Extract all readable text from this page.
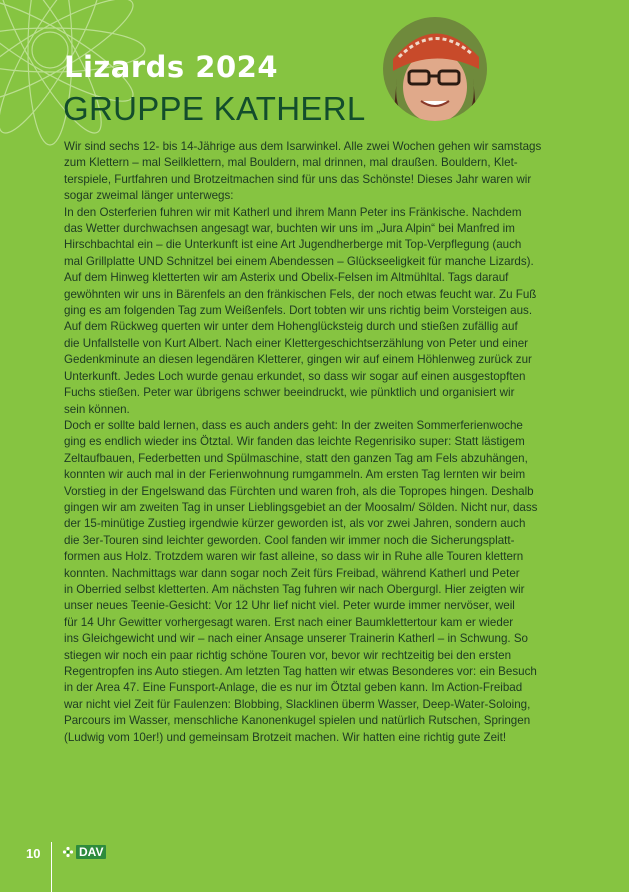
Lizards 2024
GRUPPE KATHERL

Wir sind sechs 12- bis 14-Jährige aus dem Isarwinkel. Alle zwei Wochen gehen wir samstags

zum Klettern – mal Seilklettern, mal Bouldern, mal drinnen, mal draußen. Bouldern, Klet-

terspiele, Furtfahren und Brotzeitmachen sind für uns das Schönste! Dieses Jahr waren wir

sogar zweimal länger unterwegs:

In den Osterferien fuhren wir mit Katherl und ihrem Mann Peter ins Fränkische. Nachdem

das Wetter durchwachsen angesagt war, buchten wir uns im „Jura Alpin“ bei Manfred im

Hirschbachtal ein – die Unterkunft ist eine Art Jugendherberge mit Top-Verpflegung (auch

mal Grillplatte UND Schnitzel bei einem Abendessen – Glückseeligkeit für manche Lizards).

Auf dem Hinweg kletterten wir am Asterix und Obelix-Felsen im Altmühltal. Tags darauf

gewöhnten wir uns in Bärenfels an den fränkischen Fels, der noch etwas feucht war. Zu Fuß

ging es am folgenden Tag zum Weißenfels. Dort tobten wir uns richtig beim Vorsteigen aus.

Auf dem Rückweg querten wir unter dem Hohenglücksteig durch und stießen zufällig auf

die Unfallstelle von Kurt Albert. Nach einer Klettergeschichtserzählung von Peter und einer

Gedenkminute an diesen legendären Kletterer, gingen wir auf einem Höhlenweg zurück zur

Unterkunft. Jedes Loch wurde genau erkundet, so dass wir sogar auf einen ausgestopften

Fuchs stießen. Peter war übrigens schwer beeindruckt, wie pünktlich und organisiert wir

sein können.

Doch er sollte bald lernen, dass es auch anders geht: In der zweiten Sommerferienwoche

ging es endlich wieder ins Ötztal. Wir fanden das leichte Regenrisiko super: Statt lästigem

Zeltaufbauen, Federbetten und Spülmaschine, statt den ganzen Tag am Fels abzuhängen,

konnten wir auch mal in der Ferienwohnung rumgammeln. Am ersten Tag lernten wir beim

Vorstieg in der Engelswand das Fürchten und waren froh, als die Topropes hingen. Deshalb

gingen wir am zweiten Tag in unser Lieblingsgebiet an der Moosalm/ Sölden. Nicht nur, dass

der 15-minütige Zustieg irgendwie kürzer geworden ist, als vor zwei Jahren, sondern auch

die 3er-Touren sind leichter geworden. Cool fanden wir immer noch die Sicherungsplatt-

formen aus Holz. Trotzdem waren wir fast alleine, so dass wir in Ruhe alle Touren klettern

konnten. Nachmittags war dann sogar noch Zeit fürs Freibad, während Katherl und Peter

in Oberried selbst kletterten. Am nächsten Tag fuhren wir nach Obergurgl. Hier zeigten wir

unser neues Teenie-Gesicht: Vor 12 Uhr lief nicht viel. Peter wurde immer nervöser, weil

für 14 Uhr Gewitter vorhergesagt waren. Erst nach einer Baumklettertour kam er wieder

ins Gleichgewicht und wir – nach einer Ansage unserer Trainerin Katherl – in Schwung. So

stiegen wir noch ein paar richtig schöne Touren vor, bevor wir rechtzeitig bei den ersten

Regentropfen ins Auto stiegen. Am letzten Tag hatten wir etwas Besonderes vor: ein Besuch

in der Area 47. Eine Funsport-Anlage, die es nur im Ötztal geben kann. Im Action-Freibad

war nicht viel Zeit für Faulenzen: Blobbing, Slacklinen überm Wasser, Deep-Water-Soloing,

Parcours im Wasser, menschliche Kanonenkugel spielen und natürlich Rutschen, Springen

(Ludwig vom 10er!) und gemeinsam Brotzeit machen. Wir hatten eine richtig gute Zeit!

10	DAV
